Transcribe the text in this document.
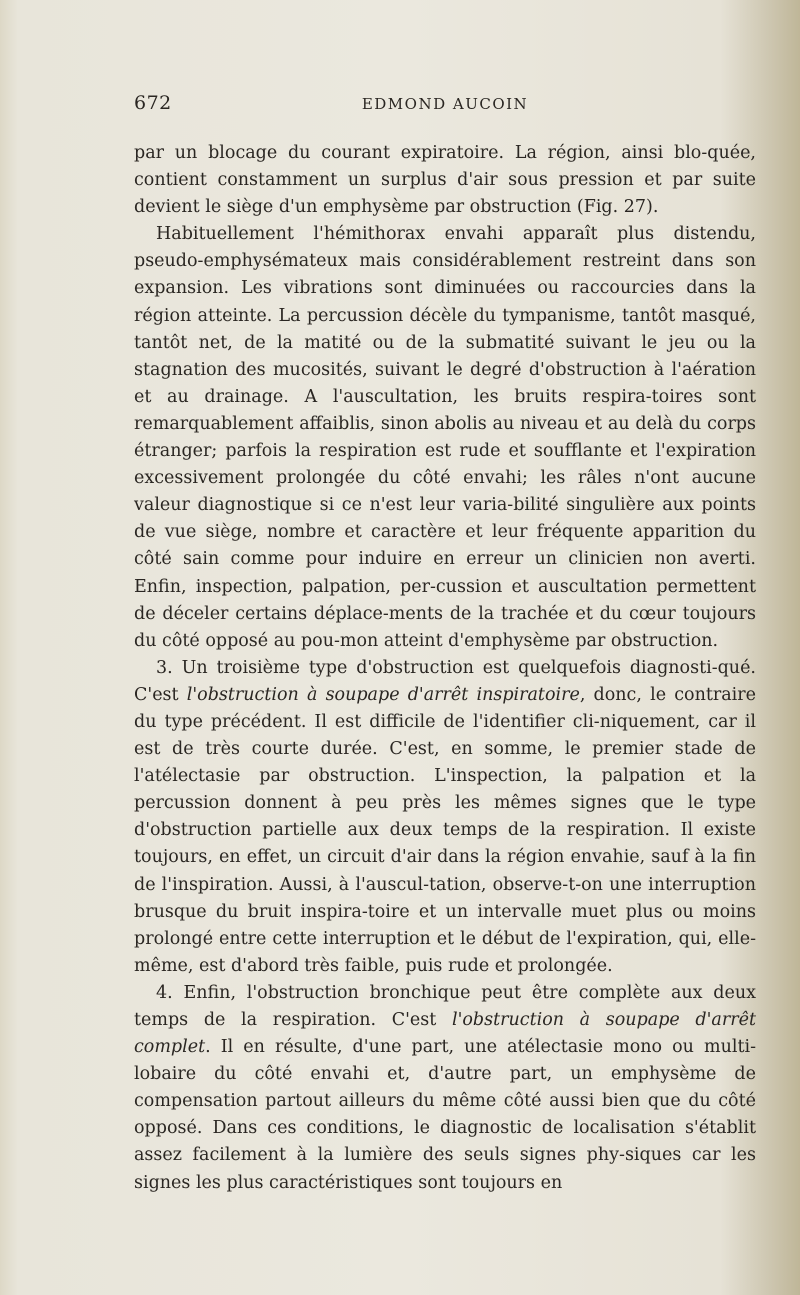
672	EDMOND AUCOIN

par un blocage du courant expiratoire. La région, ainsi blo-quée, contient constamment un surplus d'air sous pression et par suite devient le siège d'un emphysème par obstruction (Fig. 27).

Habituellement l'hémithorax envahi apparaît plus distendu, pseudo-emphysémateux mais considérablement restreint dans son expansion. Les vibrations sont diminuées ou raccourcies dans la région atteinte. La percussion décèle du tympanisme, tantôt masqué, tantôt net, de la matité ou de la submatité suivant le jeu ou la stagnation des mucosités, suivant le degré d'obstruction à l'aération et au drainage. A l'auscultation, les bruits respira-toires sont remarquablement affaiblis, sinon abolis au niveau et au delà du corps étranger; parfois la respiration est rude et soufflante et l'expiration excessivement prolongée du côté envahi; les râles n'ont aucune valeur diagnostique si ce n'est leur varia-bilité singulière aux points de vue siège, nombre et caractère et leur fréquente apparition du côté sain comme pour induire en erreur un clinicien non averti. Enfin, inspection, palpation, per-cussion et auscultation permettent de déceler certains déplace-ments de la trachée et du cœur toujours du côté opposé au pou-mon atteint d'emphysème par obstruction.

3. Un troisième type d'obstruction est quelquefois diagnosti-qué. C'est l'obstruction à soupape d'arrêt inspiratoire, donc, le contraire du type précédent. Il est difficile de l'identifier cli-niquement, car il est de très courte durée. C'est, en somme, le premier stade de l'atélectasie par obstruction. L'inspection, la palpation et la percussion donnent à peu près les mêmes signes que le type d'obstruction partielle aux deux temps de la respiration. Il existe toujours, en effet, un circuit d'air dans la région envahie, sauf à la fin de l'inspiration. Aussi, à l'auscul-tation, observe-t-on une interruption brusque du bruit inspira-toire et un intervalle muet plus ou moins prolongé entre cette interruption et le début de l'expiration, qui, elle-même, est d'abord très faible, puis rude et prolongée.

4. Enfin, l'obstruction bronchique peut être complète aux deux temps de la respiration. C'est l'obstruction à soupape d'arrêt complet. Il en résulte, d'une part, une atélectasie mono ou multi-lobaire du côté envahi et, d'autre part, un emphysème de compensation partout ailleurs du même côté aussi bien que du côté opposé. Dans ces conditions, le diagnostic de localisation s'établit assez facilement à la lumière des seuls signes phy-siques car les signes les plus caractéristiques sont toujours en
